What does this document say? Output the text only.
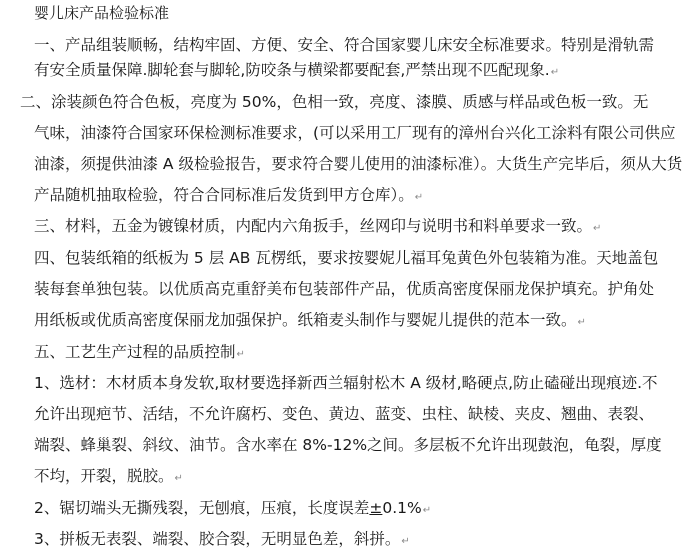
婴儿床产品检验标准
一、产品组装顺畅，结构牢固、方便、安全、符合国家婴儿床安全标准要求。特别是滑轨需
有安全质量保障.脚轮套与脚轮,防咬条与横梁都要配套,严禁出现不匹配现象.↵
二、涂装颜色符合色板，亮度为 50%，色相一致，亮度、漆膜、质感与样品或色板一致。无
气味，油漆符合国家环保检测标准要求，(可以采用工厂现有的漳州台兴化工涂料有限公司供应
油漆，须提供油漆 A 级检验报告，要求符合婴儿使用的油漆标准）。大货生产完毕后，须从大货
产品随机抽取检验，符合合同标准后发货到甲方仓库）。↵
三、材料，五金为镀镍材质，内配内六角扳手，丝网印与说明书和料单要求一致。↵
四、包装纸箱的纸板为 5 层 AB 瓦楞纸，要求按婴妮儿福耳兔黄色外包装箱为准。天地盖包
装每套单独包装。以优质高克重舒美布包装部件产品，优质高密度保丽龙保护填充。护角处
用纸板或优质高密度保丽龙加强保护。纸箱麦头制作与婴妮儿提供的范本一致。↵
五、工艺生产过程的品质控制↵
1、选材：木材质本身发软,取材要选择新西兰辐射松木 A 级材,略硬点,防止磕碰出现痕迹.不
允许出现疤节、活结，不允许腐朽、变色、黄边、蓝变、虫柱、缺棱、夹皮、翘曲、表裂、
端裂、蜂巢裂、斜纹、油节。含水率在 8%-12%之间。多层板不允许出现鼓泡，龟裂，厚度
不均，开裂，脱胶。↵
2、锯切端头无撕残裂，无刨痕，压痕，长度误差±0.1%↵
3、拼板无表裂、端裂、胶合裂，无明显色差，斜拼。↵
